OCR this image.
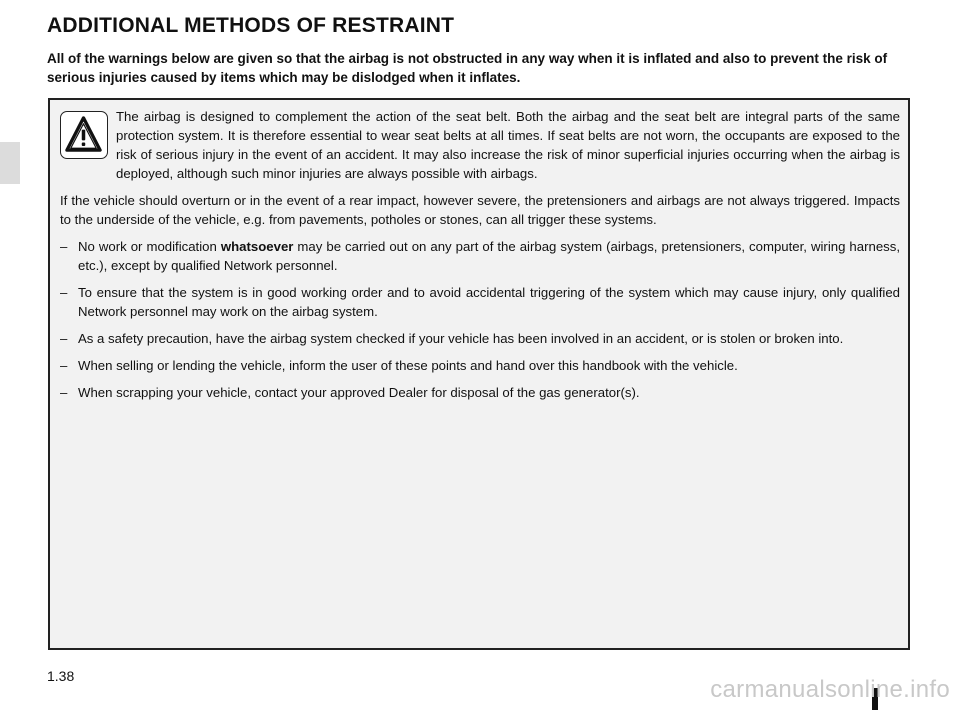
ADDITIONAL METHODS OF RESTRAINT

All of the warnings below are given so that the airbag is not obstructed in any way when it is inflated and also to prevent the risk of serious injuries caused by items which may be dislodged when it inflates.

The airbag is designed to complement the action of the seat belt. Both the airbag and the seat belt are integral parts of the same protection system. It is therefore essential to wear seat belts at all times. If seat belts are not worn, the occupants are exposed to the risk of serious injury in the event of an accident. It may also increase the risk of minor superficial injuries occurring when the airbag is deployed, although such minor injuries are always possible with airbags.

If the vehicle should overturn or in the event of a rear impact, however severe, the pretensioners and airbags are not always triggered. Impacts to the underside of the vehicle, e.g. from pavements, potholes or stones, can all trigger these systems.

– No work or modification whatsoever may be carried out on any part of the airbag system (airbags, pretensioners, computer, wiring harness, etc.), except by qualified Network personnel.
– To ensure that the system is in good working order and to avoid accidental triggering of the system which may cause injury, only qualified Network personnel may work on the airbag system.
– As a safety precaution, have the airbag system checked if your vehicle has been involved in an accident, or is stolen or broken into.
– When selling or lending the vehicle, inform the user of these points and hand over this handbook with the vehicle.
– When scrapping your vehicle, contact your approved Dealer for disposal of the gas generator(s).
1.38	carmanualsonline.info
